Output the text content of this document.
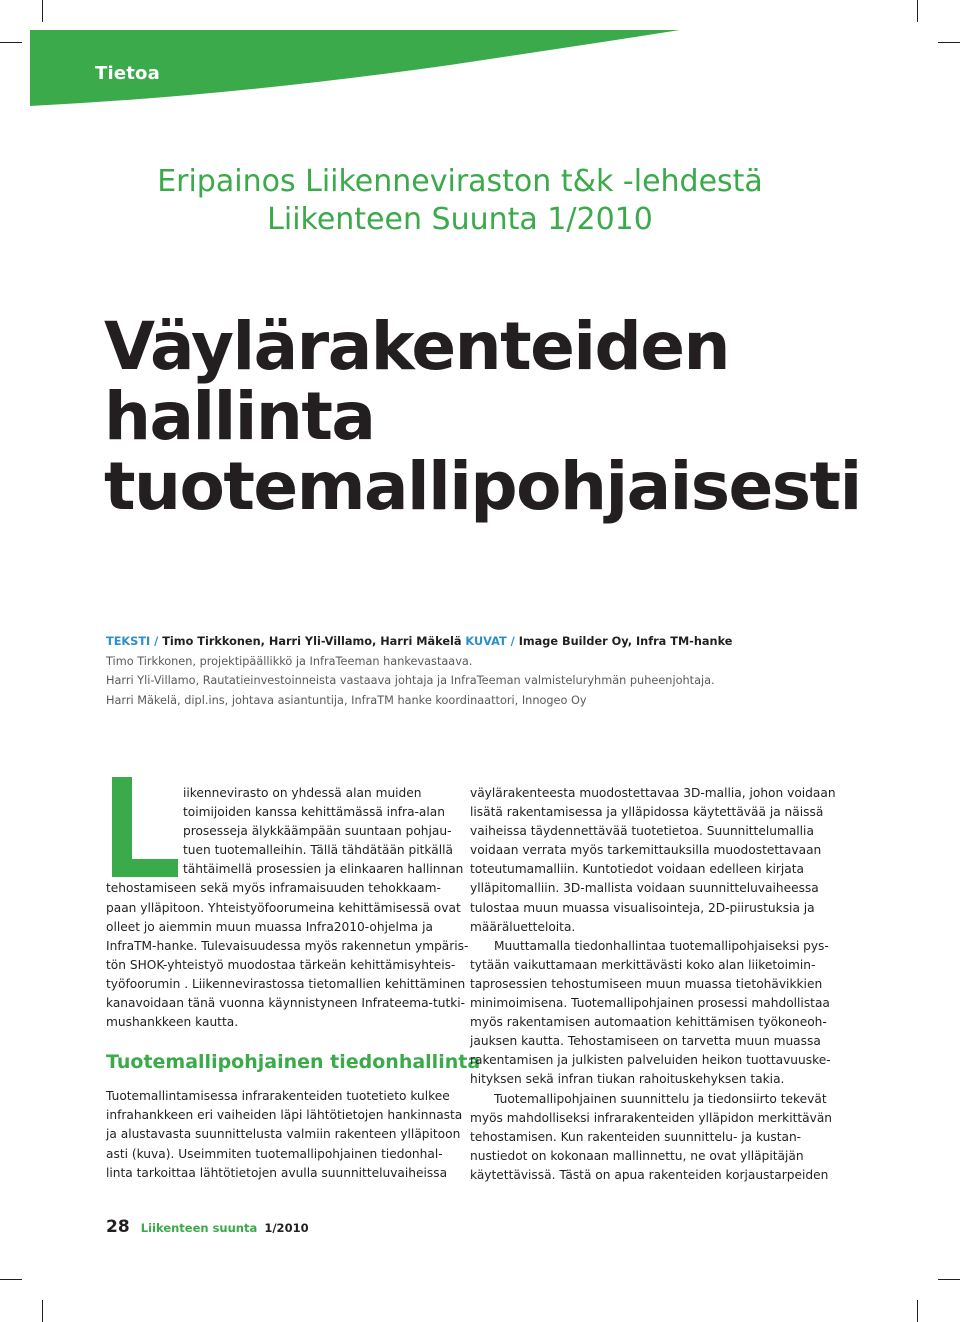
Tietoa
Eripainos Liikenneviraston t&k -lehdestä
Liikenteen Suunta 1/2010
Väylärakenteiden
hallinta
tuotemallipohjaisesti
TEKSTI / Timo Tirkkonen, Harri Yli-Villamo, Harri Mäkelä KUVAT / Image Builder Oy, Infra TM-hanke
Timo Tirkkonen, projektipäällikkö ja InfraTeeman hankevastaava.
Harri Yli-Villamo, Rautatieinvestoinneista vastaava johtaja ja InfraTeeman valmisteluryhmän puheenjohtaja.
Harri Mäkelä, dipl.ins, johtava asiantuntija, InfraTM hanke koordinaattori, Innogeo Oy
iikennevirasto on yhdessä alan muiden
toimijoiden kanssa kehittämässä infra-alan
prosesseja älykkäämpään suuntaan pohjau-
tuen tuotemalleihin. Tällä tähdätään pitkällä
tähtäimellä prosessien ja elinkaaren hallinnan
tehostamiseen sekä myös inframaisuuden tehokkaam-
paan ylläpitoon. Yhteistyöfoorumeina kehittämisessä ovat
olleet jo aiemmin muun muassa Infra2010-ohjelma ja
InfraTM-hanke. Tulevaisuudessa myös rakennetun ympäris-
tön SHOK-yhteistyö muodostaa tärkeän kehittämisyhteis-
työfoorumin . Liikennevirastossa tietomallien kehittäminen
kanavoidaan tänä vuonna käynnistyneen Infrateema-tutki-
mushankkeen kautta.
Tuotemallipohjainen tiedonhallinta
Tuotemallintamisessa infrarakenteiden tuotetieto kulkee
infrahankkeen eri vaiheiden läpi lähtötietojen hankinnasta
ja alustavasta suunnittelusta valmiin rakenteen ylläpitoon
asti (kuva). Useimmiten tuotemallipohjainen tiedonhal-
linta tarkoittaa lähtötietojen avulla suunnitteluvaiheissa
väylärakenteesta muodostettavaa 3D-mallia, johon voidaan
lisätä rakentamisessa ja ylläpidossa käytettävää ja näissä
vaiheissa täydennettävää tuotetietoa. Suunnittelumallia
voidaan verrata myös tarkemittauksilla muodostettavaan
toteutumamalliin. Kuntotiedot voidaan edelleen kirjata
ylläpitomalliin. 3D-mallista voidaan suunnitteluvaiheessa
tulostaa muun muassa visualisointeja, 2D-piirustuksia ja
määräluetteloita.
Muuttamalla tiedonhallintaa tuotemallipohjaiseksi pys-
tytään vaikuttamaan merkittävästi koko alan liiketoimin-
taprosessien tehostumiseen muun muassa tietohävikkien
minimoimisena. Tuotemallipohjainen prosessi mahdollistaa
myös rakentamisen automaation kehittämisen työkoneoh-
jauksen kautta. Tehostamiseen on tarvetta muun muassa
rakentamisen ja julkisten palveluiden heikon tuottavuuske-
hityksen sekä infran tiukan rahoituskehyksen takia.
Tuotemallipohjainen suunnittelu ja tiedonsiirto tekevät
myös mahdolliseksi infrarakenteiden ylläpidon merkittävän
tehostamisen. Kun rakenteiden suunnittelu- ja kustan-
nustiedot on kokonaan mallinnettu, ne ovat ylläpitäjän
käytettävissä. Tästä on apua rakenteiden korjaustarpeiden
28 Liikenteen suunta 1/2010
